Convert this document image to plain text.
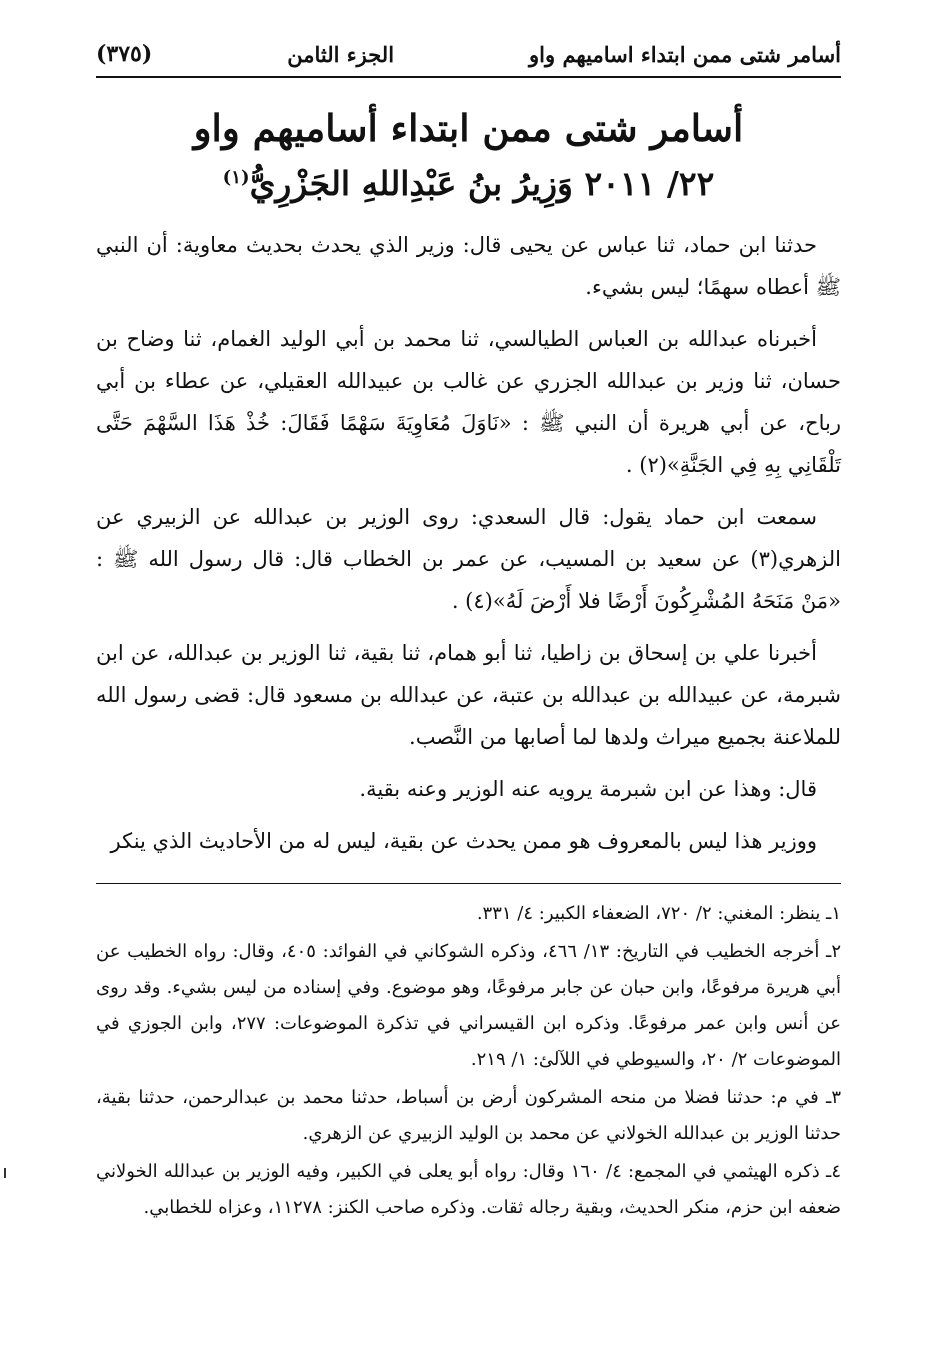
أسامر شتى ممن ابتداء اساميهم واو
الجزء الثامن
(٣٧٥)
أسامر شتى ممن ابتداء أساميهم واو
٢٢/ ٢٠١١ وَزِيرُ بنُ عَبْدِاللهِ الجَزْرِيُّ$^{(١)}$

حدثنا ابن حماد، ثنا عباس عن يحيى قال: وزير الذي يحدث بحديث معاوية: أن النبي ﷺ أعطاه سهمًا؛ ليس بشيء.

أخبرناه عبدالله بن العباس الطيالسي، ثنا محمد بن أبي الوليد الغمام، ثنا وضاح بن حسان، ثنا وزير بن عبدالله الجزري عن غالب بن عبيدالله العقيلي، عن عطاء بن أبي رباح، عن أبي هريرة أن النبي ﷺ : «نَاوَلَ مُعَاوِيَةَ سَهْمًا فَقَالَ: خُذْ هَذَا السَّهْمَ حَتَّى تَلْقَانِي بِهِ فِي الجَنَّةِ»(٢) .

سمعت ابن حماد يقول: قال السعدي: روى الوزير بن عبدالله عن الزبيري عن الزهري(٣) عن سعيد بن المسيب، عن عمر بن الخطاب قال: قال رسول الله ﷺ : «مَنْ مَنَحَهُ المُشْرِكُونَ أَرْضًا فلا أَرْضَ لَهُ»(٤) .

أخبرنا علي بن إسحاق بن زاطيا، ثنا أبو همام، ثنا بقية، ثنا الوزير بن عبدالله، عن ابن شبرمة، عن عبيدالله بن عبدالله بن عتبة، عن عبدالله بن مسعود قال: قضى رسول الله للملاعنة بجميع ميراث ولدها لما أصابها من النَّصب.

قال: وهذا عن ابن شبرمة يرويه عنه الوزير وعنه بقية.

ووزير هذا ليس بالمعروف هو ممن يحدث عن بقية، ليس له من الأحاديث الذي ينكر

١ـ ينظر: المغني: ٢/ ٧٢٠، الضعفاء الكبير: ٤/ ٣٣١.

٢ـ أخرجه الخطيب في التاريخ: ١٣/ ٤٦٦، وذكره الشوكاني في الفوائد: ٤٠٥، وقال: رواه الخطيب عن أبي هريرة مرفوعًا، وابن حبان عن جابر مرفوعًا، وهو موضوع. وفي إسناده من ليس بشيء. وقد روى عن أنس وابن عمر مرفوعًا. وذكره ابن القيسراني في تذكرة الموضوعات: ٢٧٧، وابن الجوزي في الموضوعات ٢/ ٢٠، والسيوطي في اللآلئ: ١/ ٢١٩.

٣ـ في م: حدثنا فضلا من منحه المشركون أرض بن أسباط، حدثنا محمد بن عبدالرحمن، حدثنا بقية، حدثنا الوزير بن عبدالله الخولاني عن محمد بن الوليد الزبيري عن الزهري.

٤ـ ذكره الهيثمي في المجمع: ٤/ ١٦٠ وقال: رواه أبو يعلى في الكبير، وفيه الوزير بن عبدالله الخولاني ضعفه ابن حزم، منكر الحديث، وبقية رجاله ثقات. وذكره صاحب الكنز: ١١٢٧٨، وعزاه للخطابي.
